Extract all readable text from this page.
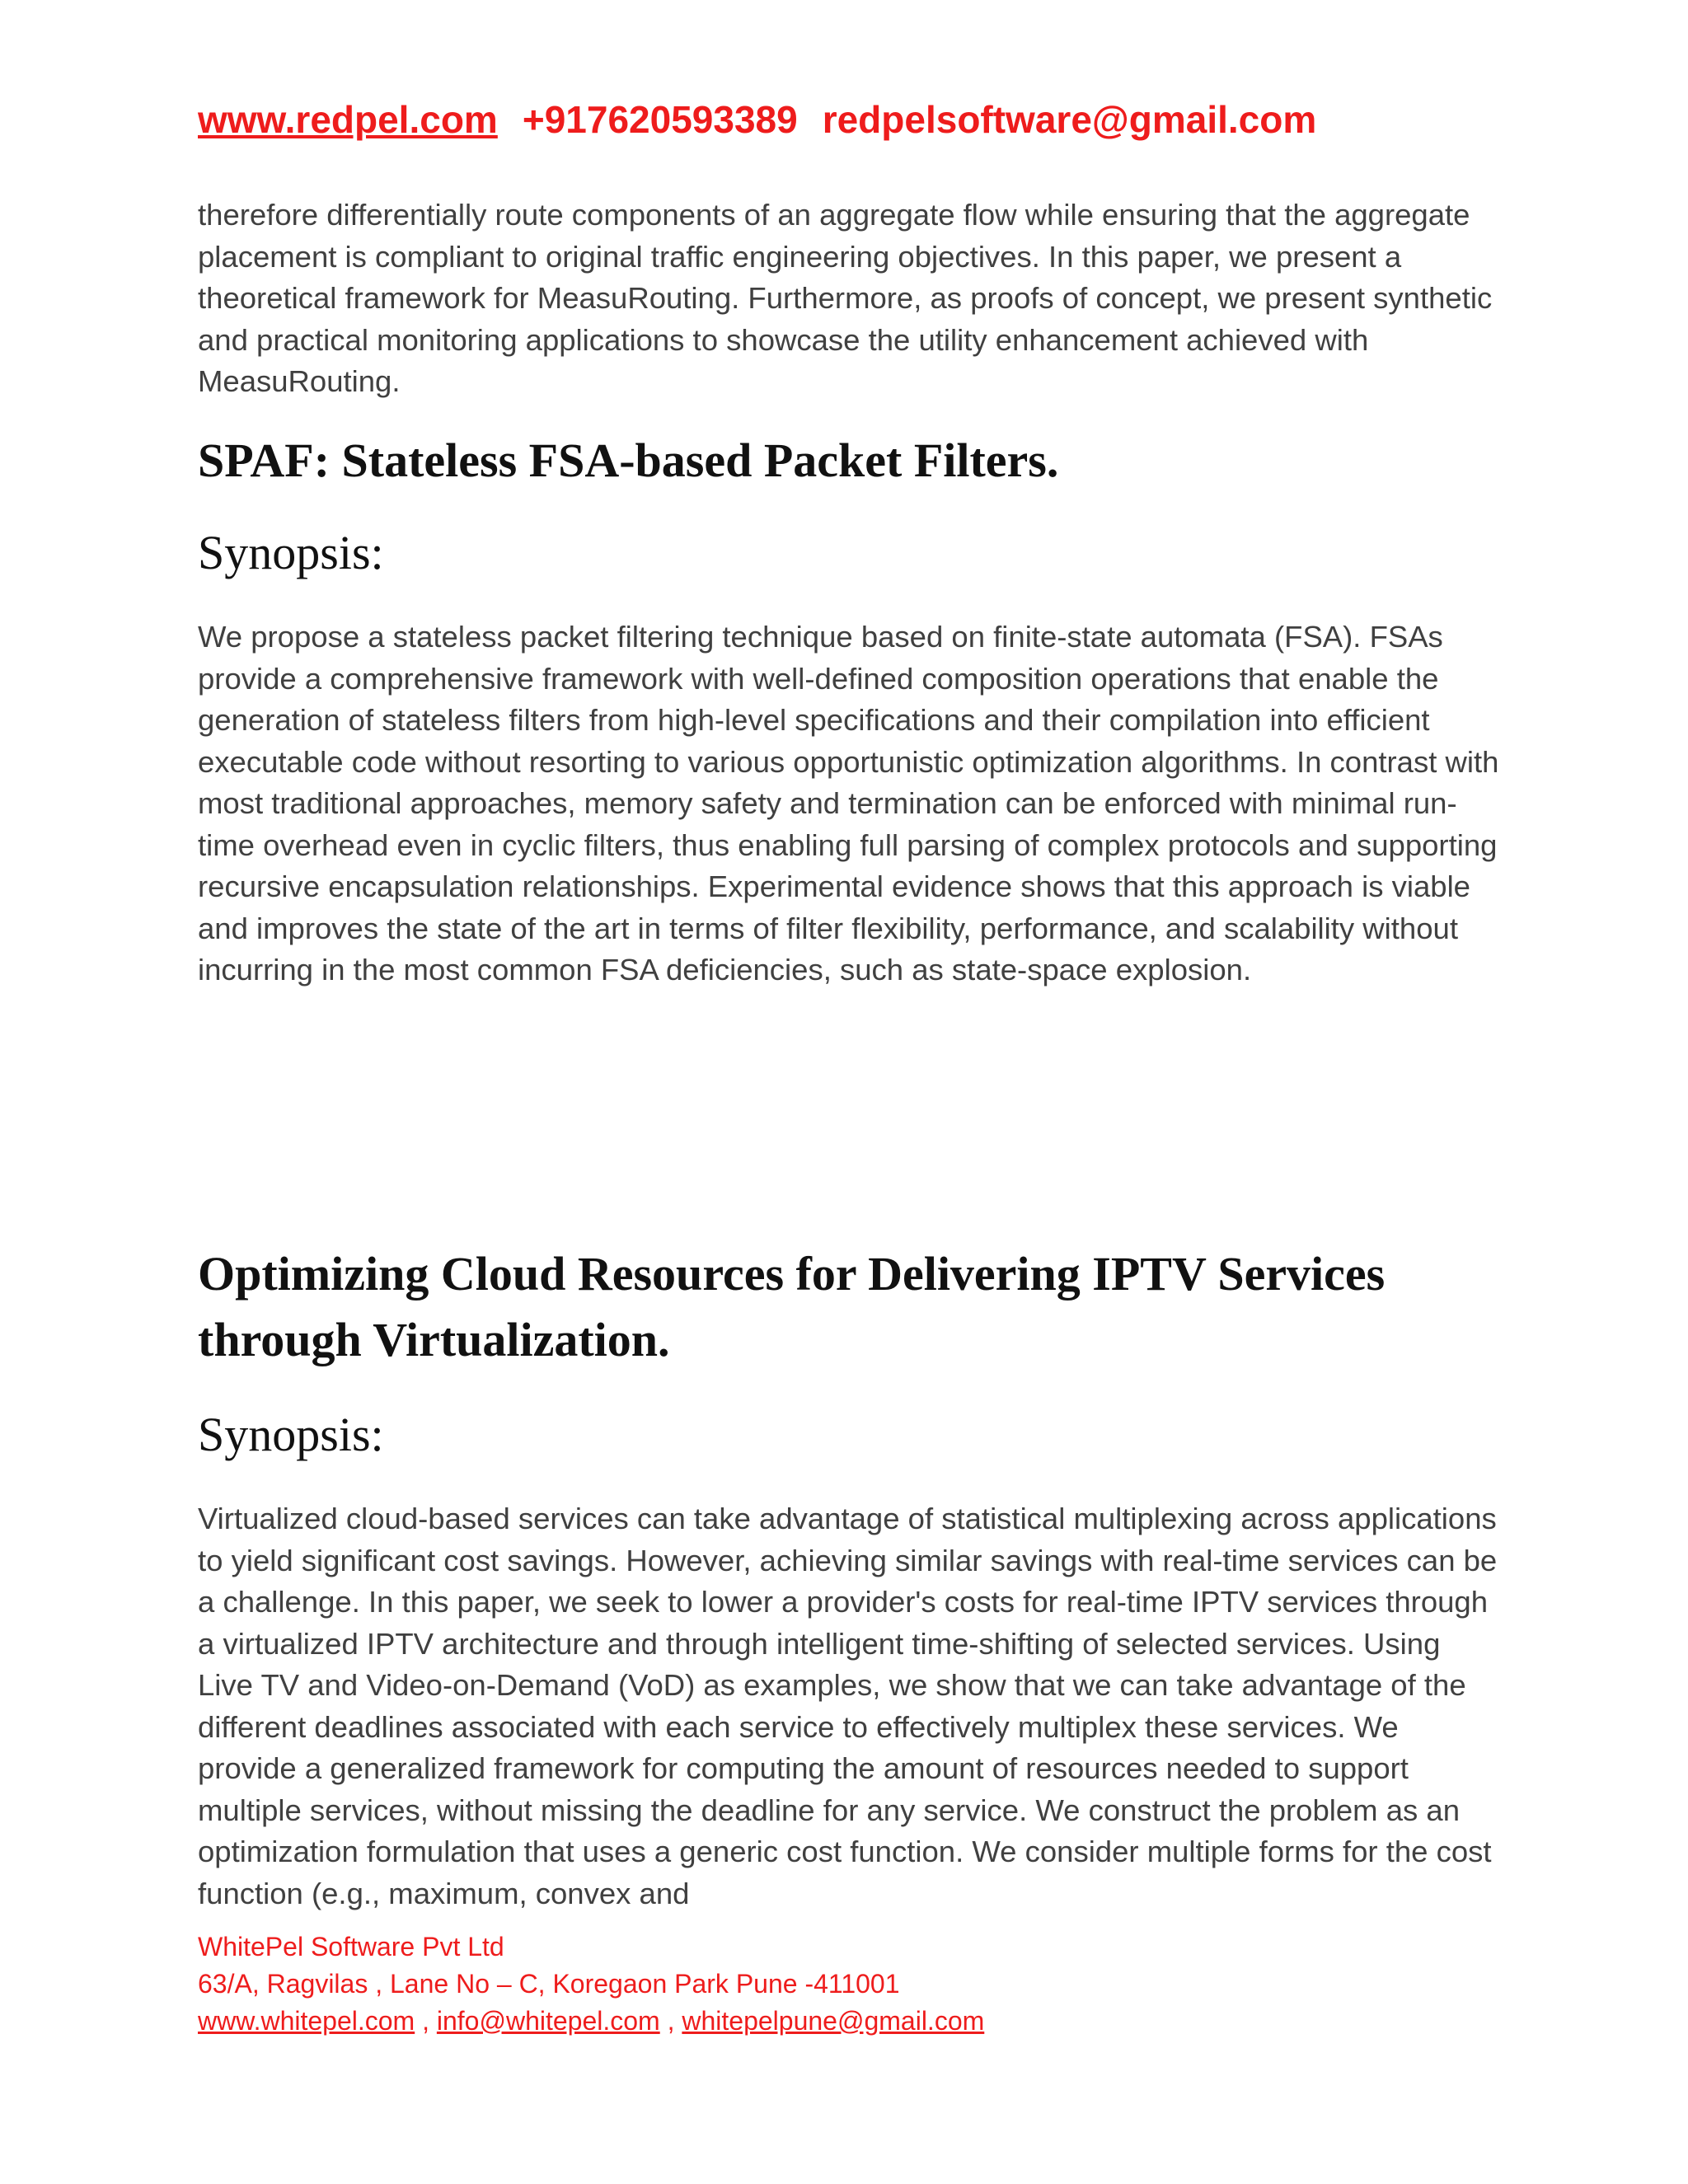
www.redpel.com +917620593389 redpelsoftware@gmail.com

therefore differentially route components of an aggregate flow while ensuring that the aggregate placement is compliant to original traffic engineering objectives. In this paper, we present a theoretical framework for MeasuRouting. Furthermore, as proofs of concept, we present synthetic and practical monitoring applications to showcase the utility enhancement achieved with MeasuRouting.

SPAF: Stateless FSA-based Packet Filters.

Synopsis:

We propose a stateless packet filtering technique based on finite-state automata (FSA). FSAs provide a comprehensive framework with well-defined composition operations that enable the generation of stateless filters from high-level specifications and their compilation into efficient executable code without resorting to various opportunistic optimization algorithms. In contrast with most traditional approaches, memory safety and termination can be enforced with minimal run-time overhead even in cyclic filters, thus enabling full parsing of complex protocols and supporting recursive encapsulation relationships. Experimental evidence shows that this approach is viable and improves the state of the art in terms of filter flexibility, performance, and scalability without incurring in the most common FSA deficiencies, such as state-space explosion.

Optimizing Cloud Resources for Delivering IPTV Services through Virtualization.

Synopsis:

Virtualized cloud-based services can take advantage of statistical multiplexing across applications to yield significant cost savings. However, achieving similar savings with real-time services can be a challenge. In this paper, we seek to lower a provider's costs for real-time IPTV services through a virtualized IPTV architecture and through intelligent time-shifting of selected services. Using Live TV and Video-on-Demand (VoD) as examples, we show that we can take advantage of the different deadlines associated with each service to effectively multiplex these services. We provide a generalized framework for computing the amount of resources needed to support multiple services, without missing the deadline for any service. We construct the problem as an optimization formulation that uses a generic cost function. We consider multiple forms for the cost function (e.g., maximum, convex and

WhitePel Software Pvt Ltd
63/A, Ragvilas , Lane No – C, Koregaon Park Pune -411001
www.whitepel.com , info@whitepel.com , whitepelpune@gmail.com
